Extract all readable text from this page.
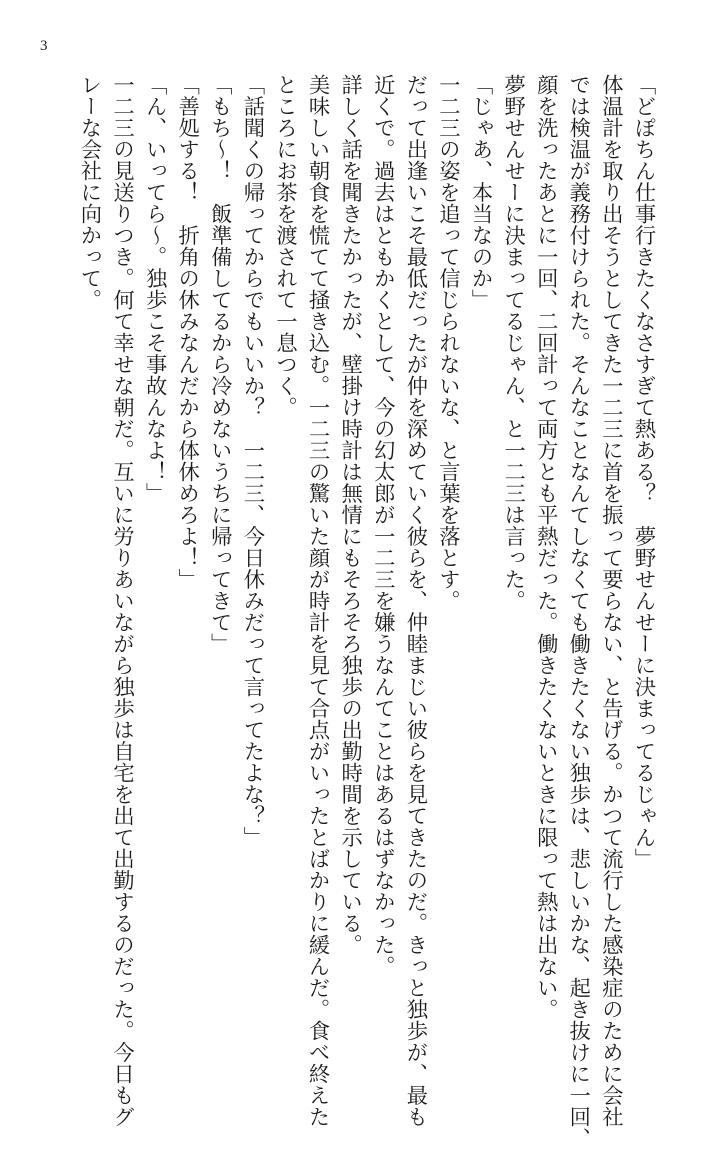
3
「どぽちん仕事行きたくなさすぎて熱ある？　夢野せんせーに決まってるじゃん」
体温計を取り出そうとしてきた一二三に首を振って要らない、と告げる。かつて流行した感染症のために会社
では検温が義務付けられた。そんなことなんてしなくても働きたくない独歩は、悲しいかな、起き抜けに一回、
顔を洗ったあとに一回、二回計って両方とも平熱だった。働きたくないときに限って熱は出ない。
夢野せんせーに決まってるじゃん、と一二三は言った。
「じゃあ、本当なのか」
一二三の姿を追って信じられないな、と言葉を落とす。
だって出逢いこそ最低だったが仲を深めていく彼らを、仲睦まじい彼らを見てきたのだ。きっと独歩が、最も
近くで。過去はともかくとして、今の幻太郎が一二三を嫌うなんてことはあるはずなかった。
詳しく話を聞きたかったが、壁掛け時計は無情にもそろそろ独歩の出勤時間を示している。
美味しい朝食を慌てて掻き込む。一二三の驚いた顔が時計を見て合点がいったとばかりに緩んだ。食べ終えた
ところにお茶を渡されて一息つく。
「話聞くの帰ってからでもいいか？　一二三、今日休みだって言ってたよな？」
「もち～！　飯準備してるから冷めないうちに帰ってきて」
「善処する！　折角の休みなんだから体休めろよ！」
「ん、いってら～。独歩こそ事故んなよ！」
一二三の見送りつき。何て幸せな朝だ。互いに労りあいながら独歩は自宅を出て出勤するのだった。今日もグ
レーな会社に向かって。
